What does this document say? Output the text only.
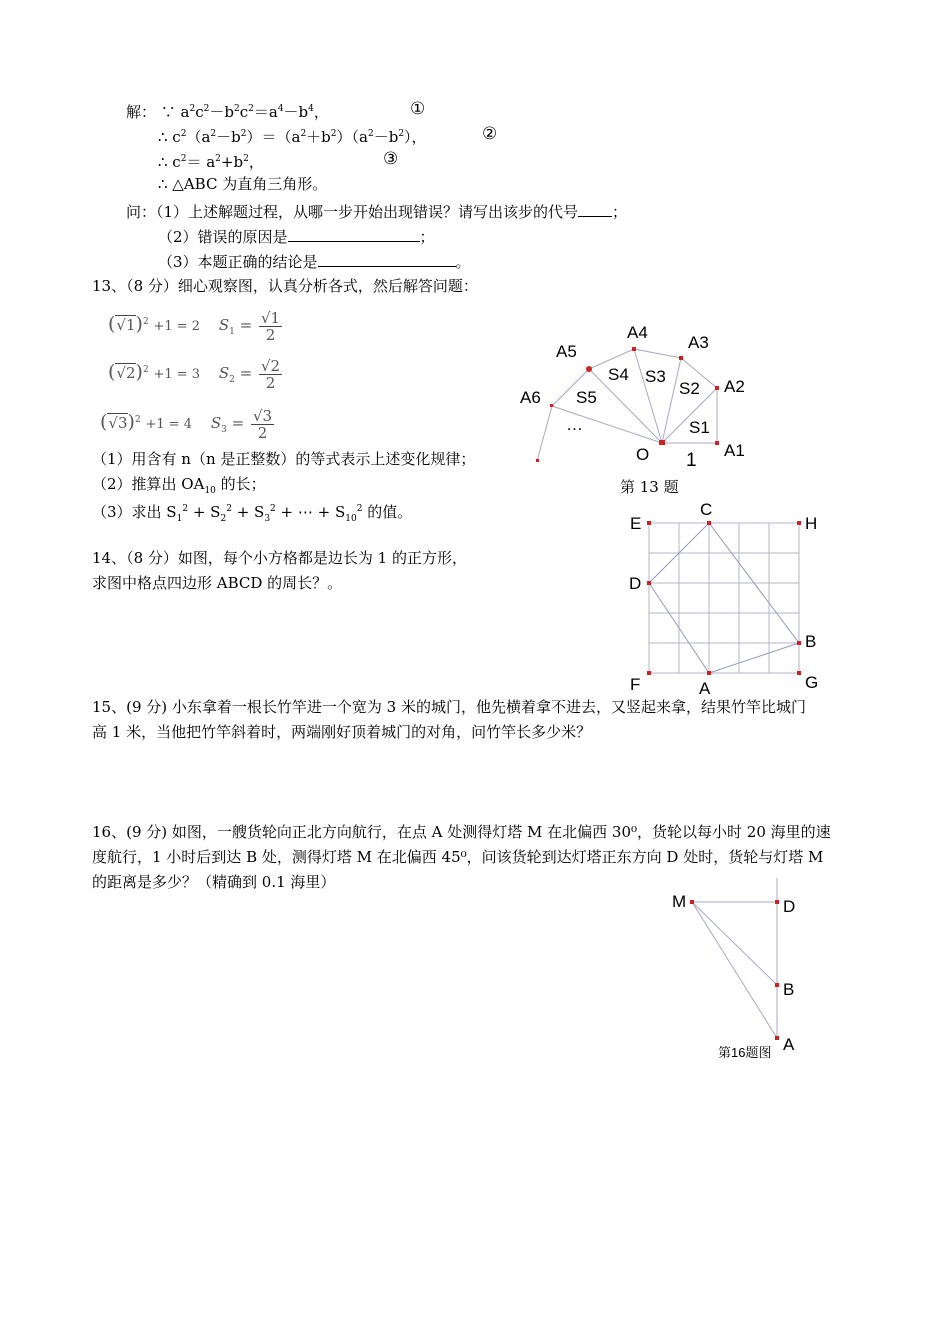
解： ∵ $a^2c^2-b^2c^2=a^4-b^4$，	①
∴ $c^2(a^2-b^2)=(a^2+b^2)(a^2-b^2)$，	②
∴ $c^2= a^2+b^2$，	③
∴ △ABC 为直角三角形。
问：（1）上述解题过程，从哪一步开始出现错误？请写出该步的代号 ；
（2）错误的原因是	；
（3）本题正确的结论是	。
13、（8 分）细心观察图，认真分析各式，然后解答问题：
$(√1)^2 +1 = 2$ $S_1 = \frac{√1}{2}$
$(√2)^2 +1 = 3$ $S_2 = \frac{√2}{2}$
$(√3)^2 +1 = 4$ $S_3 = \frac{√3}{2}$
（1）用含有 n（n 是正整数）的等式表示上述变化规律；
（2）推算出 $OA_{10}$ 的长；
（3）求出 $S_1^2 + S_2^2 + S_3^2$ + ⋯ + $S_{10}^2$ 的值。
A1
A2
A3
A4
A5
A6
S1
S2
S3
S4
S5
…
O 1
第 13 题
14、（8 分）如图，每个小方格都是边长为 1 的正方形，
求图中格点四边形 ABCD 的周长？。
E
C
H
D
B
F	A	G
15、(9 分) 小东拿着一根长竹竿进一个宽为 3 米的城门，他先横着拿不进去，又竖起来拿，结果竹竿比城门
高 1 米，当他把竹竿斜着时，两端刚好顶着城门的对角，问竹竿长多少米？
16、(9 分) 如图，一艘货轮向正北方向航行，在点 A 处测得灯塔 M 在北偏西 30⁰，货轮以每小时 20 海里的速
度航行，1 小时后到达 B 处，测得灯塔 M 在北偏西 45⁰，问该货轮到达灯塔正东方向 D 处时，货轮与灯塔 M
的距离是多少？（精确到 0.1 海里）
M	D
B
A
第16题图
